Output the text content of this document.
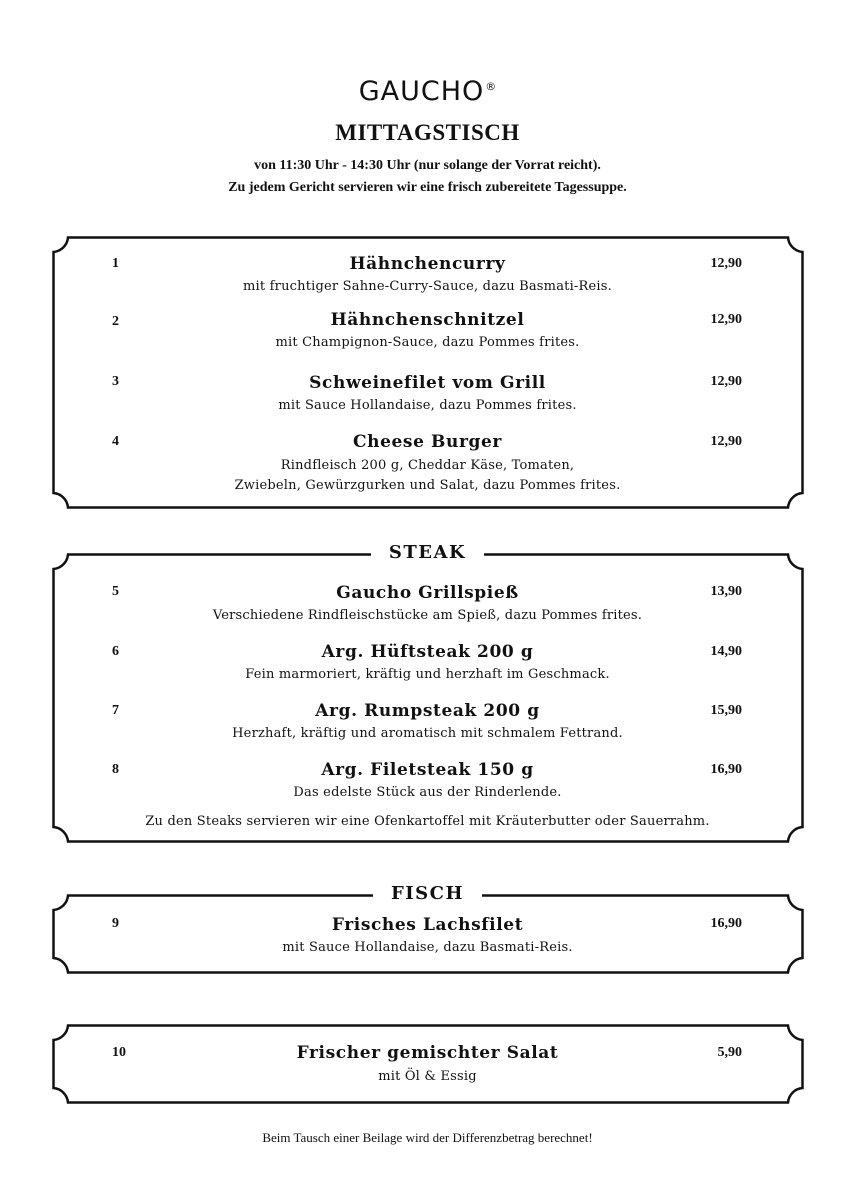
GAUCHO®
MITTAGSTISCH
von 11:30 Uhr - 14:30 Uhr (nur solange der Vorrat reicht).
Zu jedem Gericht servieren wir eine frisch zubereitete Tagessuppe.
1	Hähnchencurry	12,90
mit fruchtiger Sahne-Curry-Sauce, dazu Basmati-Reis.
2	Hähnchenschnitzel	12,90
mit Champignon-Sauce, dazu Pommes frites.
3	Schweinefilet vom Grill	12,90
mit Sauce Hollandaise, dazu Pommes frites.
4	Cheese Burger	12,90
Rindfleisch 200 g, Cheddar Käse, Tomaten,
Zwiebeln, Gewürzgurken und Salat, dazu Pommes frites.
STEAK
5	Gaucho Grillspieß	13,90
Verschiedene Rindfleischstücke am Spieß, dazu Pommes frites.
6	Arg. Hüftsteak 200 g	14,90
Fein marmoriert, kräftig und herzhaft im Geschmack.
7	Arg. Rumpsteak 200 g	15,90
Herzhaft, kräftig und aromatisch mit schmalem Fettrand.
8	Arg. Filetsteak 150 g	16,90
Das edelste Stück aus der Rinderlende.
Zu den Steaks servieren wir eine Ofenkartoffel mit Kräuterbutter oder Sauerrahm.
FISCH
9	Frisches Lachsfilet	16,90
mit Sauce Hollandaise, dazu Basmati-Reis.
10	Frischer gemischter Salat	5,90
mit Öl & Essig
Beim Tausch einer Beilage wird der Differenzbetrag berechnet!
